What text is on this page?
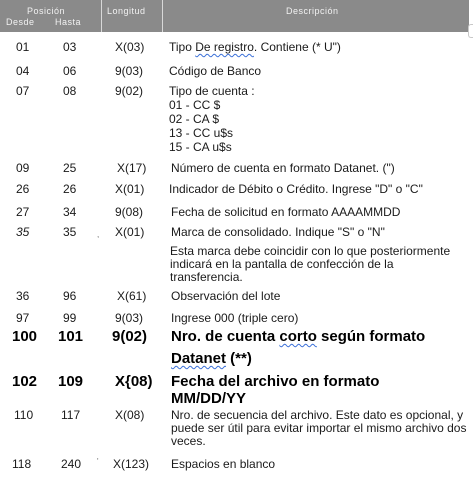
Posición
Desde Hasta
Longitud	Descripción
01	03	X(03) Tipo De registro. Contiene (* U")
04	06	9(03) Código de Banco
07	08	9(02) Tipo de cuenta :
01 - CC $
02 - CA $
13 - CC u$s
15 - CA u$s
09	25	X(17) Número de cuenta en formato Datanet. (")
26	26	X(01) Indicador de Débito o Crédito. Ingrese "D" o "C"
27	34	9(08) Fecha de solicitud en formato AAAAMMDD
35	35	, X(01) Marca de consolidado. Indique "S" o "N"
Esta marca debe coincidir con lo que posteriormente indicará en la pantalla de confección de la transferencia.
36	96	X(61) Observación del lote
97	99	9(03) Ingrese 000 (triple cero)
100 101 9(02) Nro. de cuenta corto según formato
Datanet (**)
102 109 X{08) Fecha del archivo en formato MM/DD/YY
110 117	X(08) Nro. de secuencia del archivo. Este dato es opcional, y puede ser útil para evitar importar el mismo archivo dos veces.
118 240 ' X(123) Espacios en blanco
